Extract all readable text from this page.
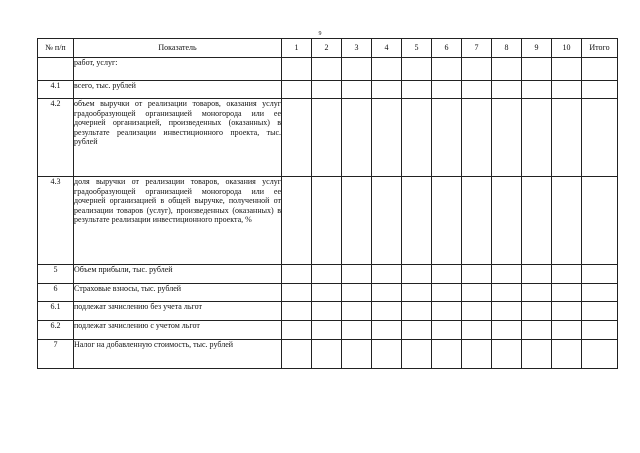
9
№ п/п	Показатель	1	2	3	4	5	6	7	8	9	10	Итого
	работ, услуг:											
4.1	всего, тыс. рублей											
4.2	объем выручки от реализации товаров, оказания услуг градообразующей организацией моногорода или ее дочерней организацией, произведенных (оказанных) в результате реализации инвестиционного проекта, тыс. рублей											
4.3	доля выручки от реализации товаров, оказания услуг градообразующей организацией моногорода или ее дочерней организацией в общей выручке, полученной от реализации товаров (услуг), произведенных (оказанных) в результате реализации инвестиционного проекта, %											
5	Объем прибыли, тыс. рублей											
6	Страховые взносы, тыс. рублей											
6.1	подлежат зачислению без учета льгот											
6.2	подлежат зачислению с учетом льгот											
7	Налог на добавленную стоимость, тыс. рублей											
